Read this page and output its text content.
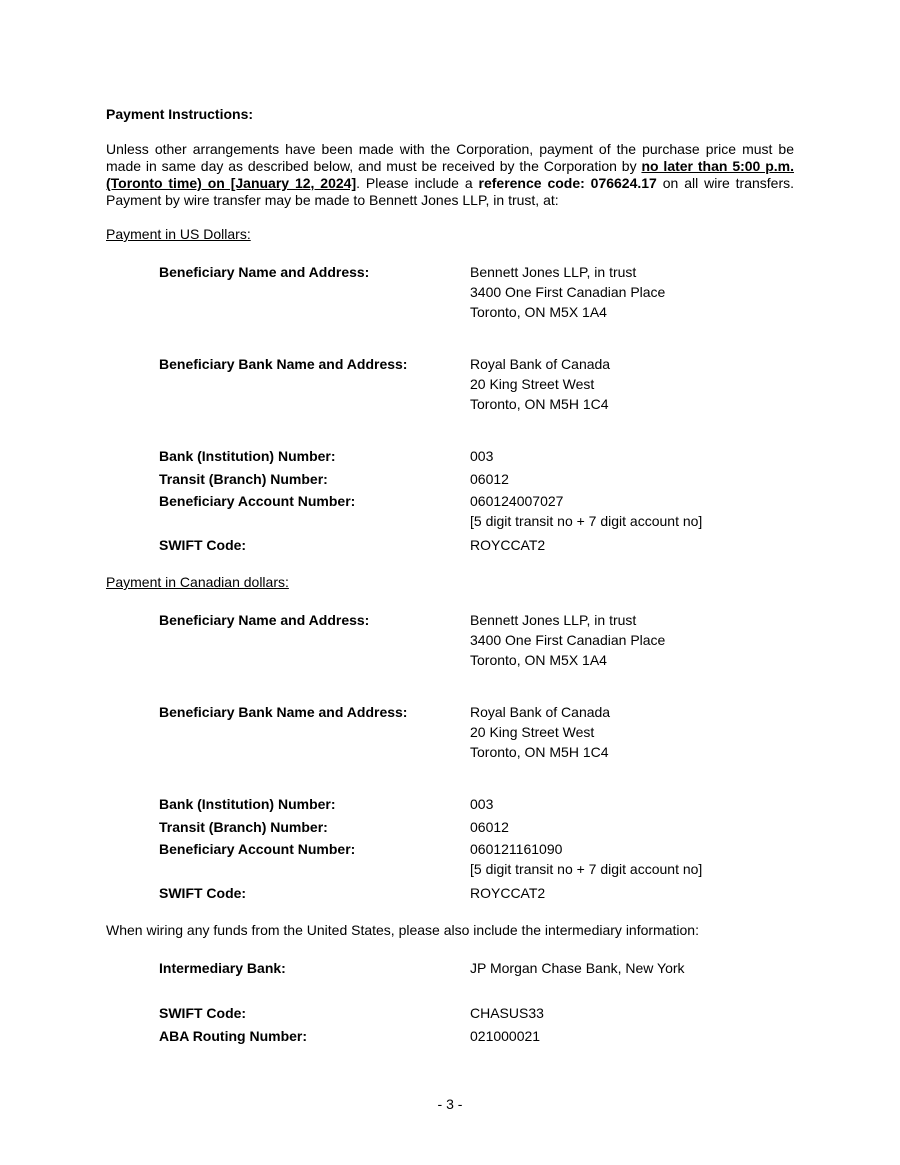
Payment Instructions:
Unless other arrangements have been made with the Corporation, payment of the purchase price must be made in same day as described below, and must be received by the Corporation by no later than 5:00 p.m. (Toronto time) on [January 12, 2024]. Please include a reference code: 076624.17 on all wire transfers. Payment by wire transfer may be made to Bennett Jones LLP, in trust, at:
Payment in US Dollars:
Beneficiary Name and Address:	Bennett Jones LLP, in trust
3400 One First Canadian Place
Toronto, ON M5X 1A4
Beneficiary Bank Name and Address:	Royal Bank of Canada
20 King Street West
Toronto, ON M5H 1C4
Bank (Institution) Number:	003
Transit (Branch) Number:	06012
Beneficiary Account Number:	060124007027
[5 digit transit no + 7 digit account no]
SWIFT Code:	ROYCCAT2
Payment in Canadian dollars:
Beneficiary Name and Address:	Bennett Jones LLP, in trust
3400 One First Canadian Place
Toronto, ON M5X 1A4
Beneficiary Bank Name and Address:	Royal Bank of Canada
20 King Street West
Toronto, ON M5H 1C4
Bank (Institution) Number:	003
Transit (Branch) Number:	06012
Beneficiary Account Number:	060121161090
[5 digit transit no + 7 digit account no]
SWIFT Code:	ROYCCAT2
When wiring any funds from the United States, please also include the intermediary information:
Intermediary Bank:	JP Morgan Chase Bank, New York
SWIFT Code:	CHASUS33
ABA Routing Number:	021000021
- 3 -
